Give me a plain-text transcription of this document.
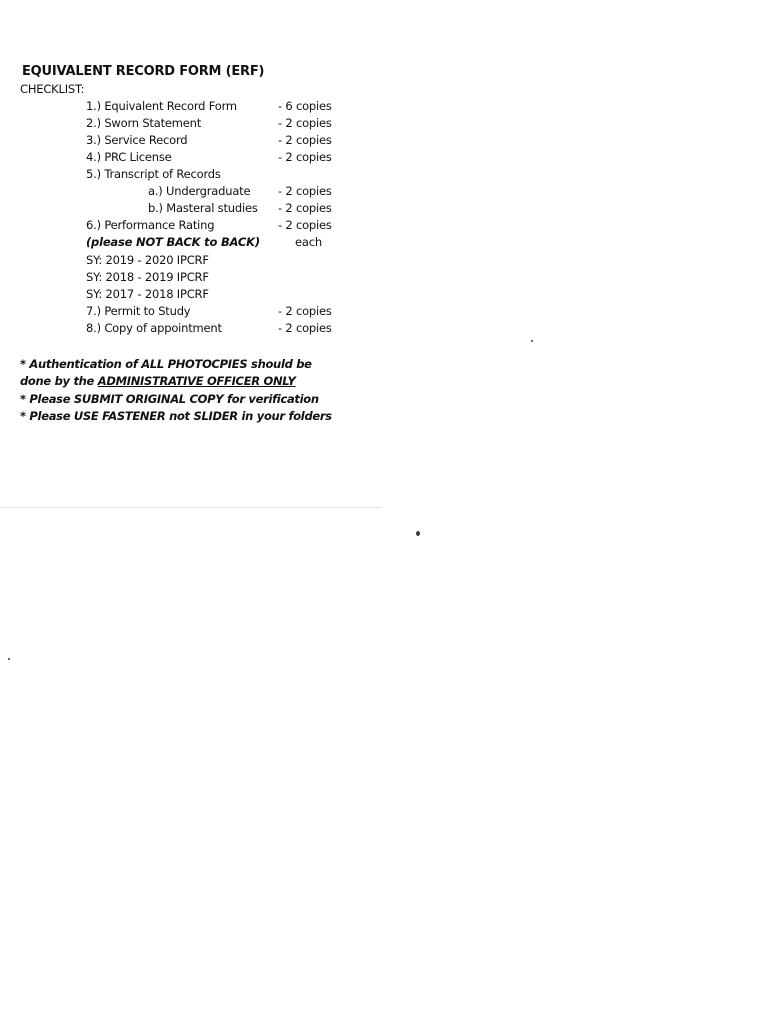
EQUIVALENT RECORD FORM (ERF)
CHECKLIST:
1.) Equivalent Record Form	- 6 copies
2.) Sworn Statement	- 2 copies
3.) Service Record	- 2 copies
4.) PRC License	- 2 copies
5.) Transcript of Records
a.) Undergraduate - 2 copies
b.) Masteral studies - 2 copies
6.) Performance Rating	- 2 copies
(please NOT BACK to BACK)	each
SY: 2019 - 2020 IPCRF
SY: 2018 - 2019 IPCRF
SY: 2017 - 2018 IPCRF
7.) Permit to Study	- 2 copies
8.) Copy of appointment	- 2 copies
* Authentication of ALL PHOTOCPIES should be
done by the ADMINISTRATIVE OFFICER ONLY
* Please SUBMIT ORIGINAL COPY for verification
* Please USE FASTENER not SLIDER in your folders
